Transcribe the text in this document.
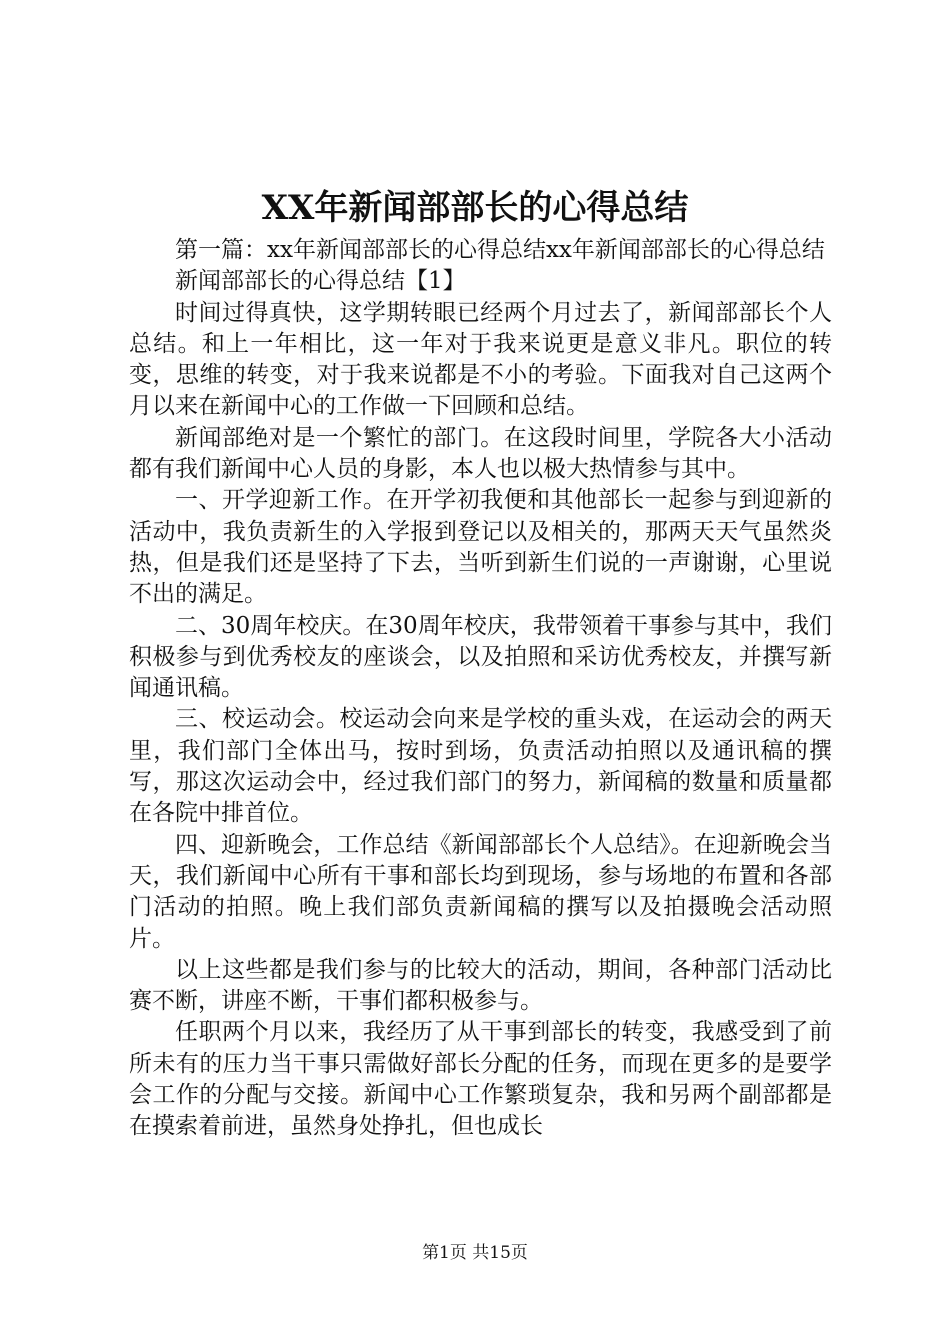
XX年新闻部部长的心得总结

第一篇：xx年新闻部部长的心得总结xx年新闻部部长的心得总结

新闻部部长的心得总结【1】

时间过得真快，这学期转眼已经两个月过去了，新闻部部长个人总结。和上一年相比，这一年对于我来说更是意义非凡。职位的转变，思维的转变，对于我来说都是不小的考验。下面我对自己这两个月以来在新闻中心的工作做一下回顾和总结。

新闻部绝对是一个繁忙的部门。在这段时间里，学院各大小活动都有我们新闻中心人员的身影，本人也以极大热情参与其中。

一、开学迎新工作。在开学初我便和其他部长一起参与到迎新的活动中，我负责新生的入学报到登记以及相关的，那两天天气虽然炎热，但是我们还是坚持了下去，当听到新生们说的一声谢谢，心里说不出的满足。

二、30周年校庆。在30周年校庆，我带领着干事参与其中，我们积极参与到优秀校友的座谈会，以及拍照和采访优秀校友，并撰写新闻通讯稿。

三、校运动会。校运动会向来是学校的重头戏，在运动会的两天里，我们部门全体出马，按时到场，负责活动拍照以及通讯稿的撰写，那这次运动会中，经过我们部门的努力，新闻稿的数量和质量都在各院中排首位。

四、迎新晚会，工作总结《新闻部部长个人总结》。在迎新晚会当天，我们新闻中心所有干事和部长均到现场，参与场地的布置和各部门活动的拍照。晚上我们部负责新闻稿的撰写以及拍摄晚会活动照片。

以上这些都是我们参与的比较大的活动，期间，各种部门活动比赛不断，讲座不断，干事们都积极参与。

任职两个月以来，我经历了从干事到部长的转变，我感受到了前所未有的压力当干事只需做好部长分配的任务，而现在更多的是要学会工作的分配与交接。新闻中心工作繁琐复杂，我和另两个副部都是在摸索着前进，虽然身处挣扎，但也成长

第1页 共15页
